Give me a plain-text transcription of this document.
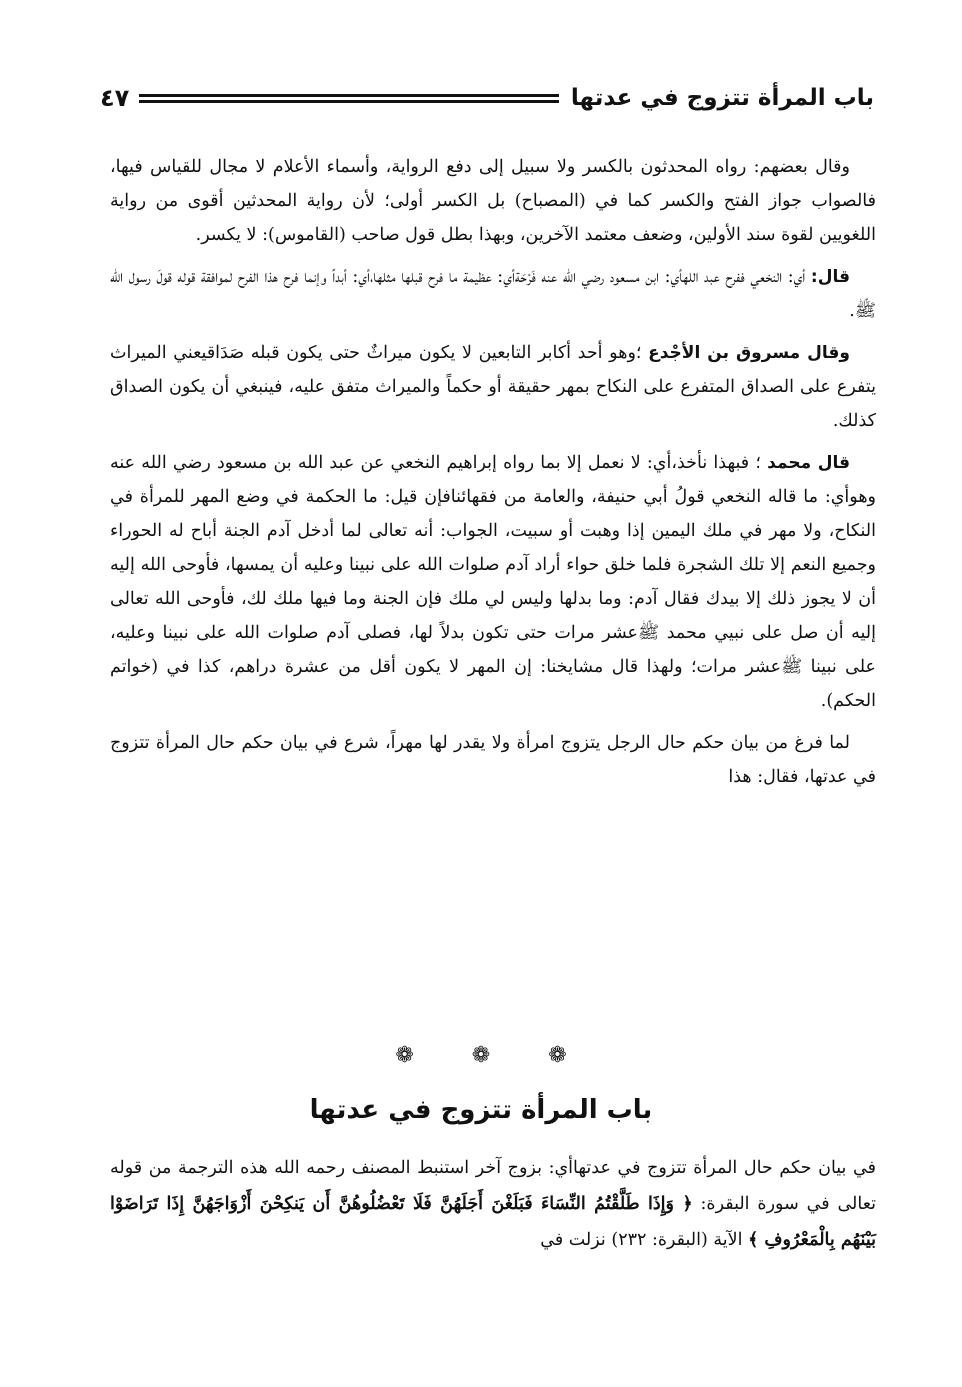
باب المرأة تتزوج في عدتها
٤٧

وقال بعضهم: رواه المحدثون بالكسر ولا سبيل إلى دفع الرواية، وأسماء الأعلام لا مجال للقياس فيها، فالصواب جواز الفتح والكسر كما في (المصباح) بل الكسر أولى؛ لأن رواية المحدثين أقوى من رواية اللغويين لقوة سند الأولين، وضعف معتمد الآخرين، وبهذا بطل قول صاحب (القاموس): لا يكسر.

قال: أي: النخعي ففرح عبد اللهأي: ابن مسعود رضي الله عنه فَرْحَةأي: عظيمة ما فرح قبلها مثلها،أي: أبداً وإنما فرح هذا الفرح لموافقة قوله قولَ رسول الله ﷺ.

وقال مسروق بن الأجْدع ؛وهو أحد أكابر التابعين لا يكون ميراثٌ حتى يكون قبله صَدَاقيعني الميراث يتفرع على الصداق المتفرع على النكاح بمهر حقيقة أو حكماً والميراث متفق عليه، فينبغي أن يكون الصداق كذلك.

قال محمد ؛ فبهذا نأخذ،أي: لا نعمل إلا بما رواه إبراهيم النخعي عن عبد الله بن مسعود رضي الله عنه وهوأي: ما قاله النخعي قولُ أبي حنيفة، والعامة من فقهائنافإن قيل: ما الحكمة في وضع المهر للمرأة في النكاح، ولا مهر في ملك اليمين إذا وهبت أو سبيت، الجواب: أنه تعالى لما أدخل آدم الجنة أباح له الحوراء وجميع النعم إلا تلك الشجرة فلما خلق حواء أراد آدم صلوات الله على نبينا وعليه أن يمسها، فأوحى الله إليه أن لا يجوز ذلك إلا بيدك فقال آدم: وما بدلها وليس لي ملك فإن الجنة وما فيها ملك لك، فأوحى الله تعالى إليه أن صل على نبيي محمد ﷺعشر مرات حتى تكون بدلاً لها، فصلى آدم صلوات الله على نبينا وعليه، على نبينا ﷺعشر مرات؛ ولهذا قال مشايخنا: إن المهر لا يكون أقل من عشرة دراهم، كذا في (خواتم الحكم).

لما فرغ من بيان حكم حال الرجل يتزوج امرأة ولا يقدر لها مهراً، شرع في بيان حكم حال المرأة تتزوج في عدتها، فقال: هذا

❁	❁	❁
باب المرأة تتزوج في عدتها
في بيان حكم حال المرأة تتزوج في عدتهاأي: بزوج آخر استنبط المصنف رحمه الله هذه الترجمة من قوله تعالى في سورة البقرة: ﴿ وَإِذَا طَلَّقْتُمُ النِّسَاءَ فَبَلَغْنَ أَجَلَهُنَّ فَلَا تَعْضُلُوهُنَّ أَن يَنكِحْنَ أَزْوَاجَهُنَّ إِذَا تَرَاضَوْا بَيْنَهُم بِالْمَعْرُوفِ ﴾ الآية (البقرة: ٢٣٢) نزلت في
